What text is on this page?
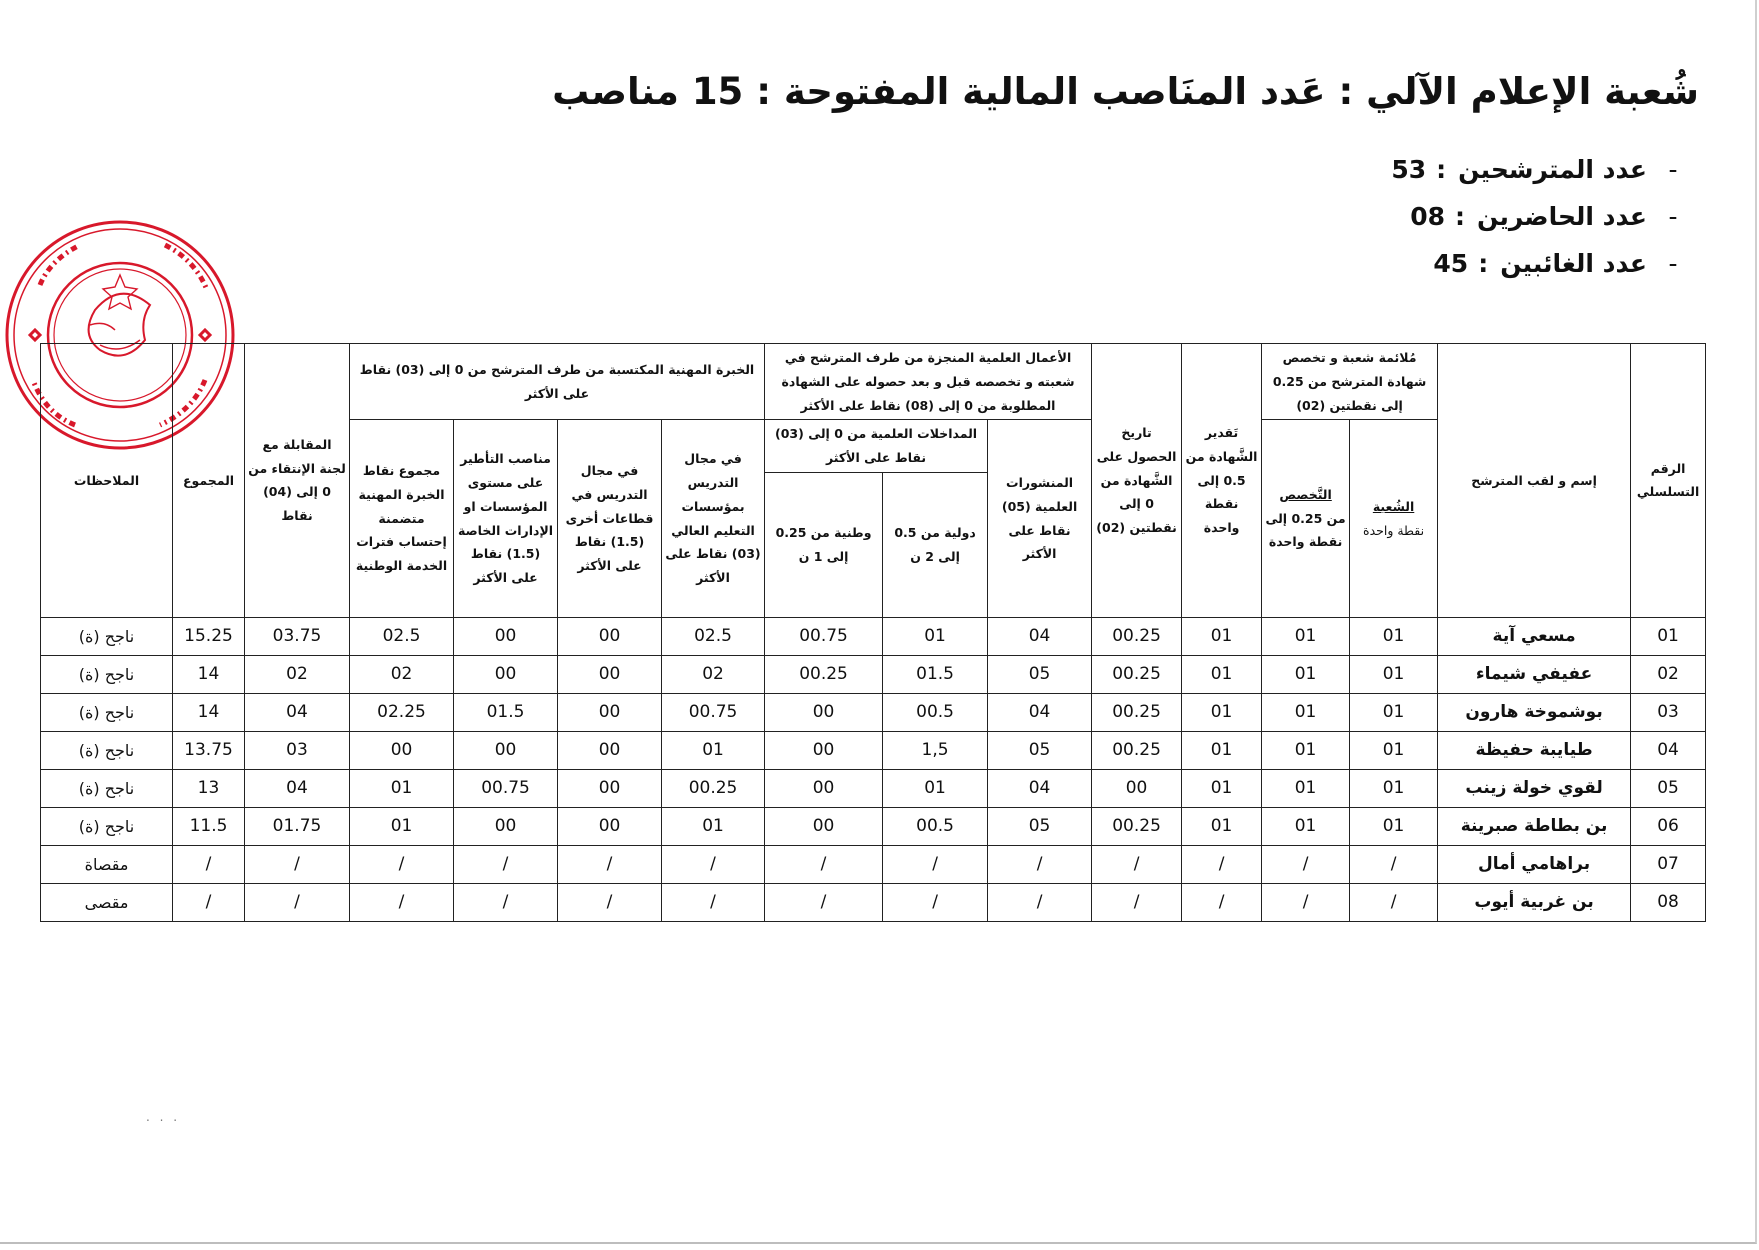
شُعبة الإعلام الآلي : عَدد المنَاصب المالية المفتوحة : 15 مناصب
-
عدد المترشحين
:
53
-
عدد الحاضرين
:
08
-
عدد الغائبين
:
45
الرقم التسلسلي	إسم و لقب المترشح	مُلائمة شعبة و تخصص شهادة المترشح من 0.25 إلى نقطتين (02)		تَقدير الشَّهادة من 0.5 إلى نقطة واحدة	تاريخ الحصول على الشَّهادة من 0 إلى نقطتين (02)	الأعمال العلمية المنجزة من طرف المترشح في شعبته و تخصصه قبل و بعد حصوله على الشهادة المطلوبة من 0 إلى (08) نقاط على الأكثر			الخبرة المهنية المكتسبة من طرف المترشح من 0 إلى (03) نقاط على الأكثر				المقابلة مع لجنة الإنتقاء من 0 إلى (04) نقاط	المجموع	الملاحظات
		الشُعبة
نقطة واحدة	التَّخصص
من 0.25 إلى نقطة واحدة			المنشورات العلمية (05) نقاط على الأكثر	المداخلات العلمية من 0 إلى (03) نقاط على الأكثر		في مجال التدريس بمؤسسات التعليم العالي (03) نقاط على الأكثر	في مجال التدريس في قطاعات أخرى (1.5) نقاط على الأكثر	مناصب التأطير على مستوى المؤسسات او الإدارات الخاصة (1.5) نقاط على الأكثر	مجموع نقاط الخبرة المهنية متضمنة إحتساب فترات الخدمة الوطنية			
							دولية من 0.5 إلى 2 ن	وطنية من 0.25 إلى 1 ن							
01	مسعي آية	01	01	01	00.25	04	01	00.75	02.5	00	00	02.5	03.75	15.25	ناجح (ة)
02	عفيفي شيماء	01	01	01	00.25	05	01.5	00.25	02	00	00	02	02	14	ناجح (ة)
03	بوشموخة هارون	01	01	01	00.25	04	00.5	00	00.75	00	01.5	02.25	04	14	ناجح (ة)
04	طيايبة حفيظة	01	01	01	00.25	05	1,5	00	01	00	00	00	03	13.75	ناجح (ة)
05	لقوي خولة زينب	01	01	01	00	04	01	00	00.25	00	00.75	01	04	13	ناجح (ة)
06	بن بطاطة صبرينة	01	01	01	00.25	05	00.5	00	01	00	00	01	01.75	11.5	ناجح (ة)
07	براهامي أمال	/	/	/	/	/	/	/	/	/	/	/	/	/	مقصاة
08	بن غربية أيوب	/	/	/	/	/	/	/	/	/	/	/	/	/	مقصى
. . .
